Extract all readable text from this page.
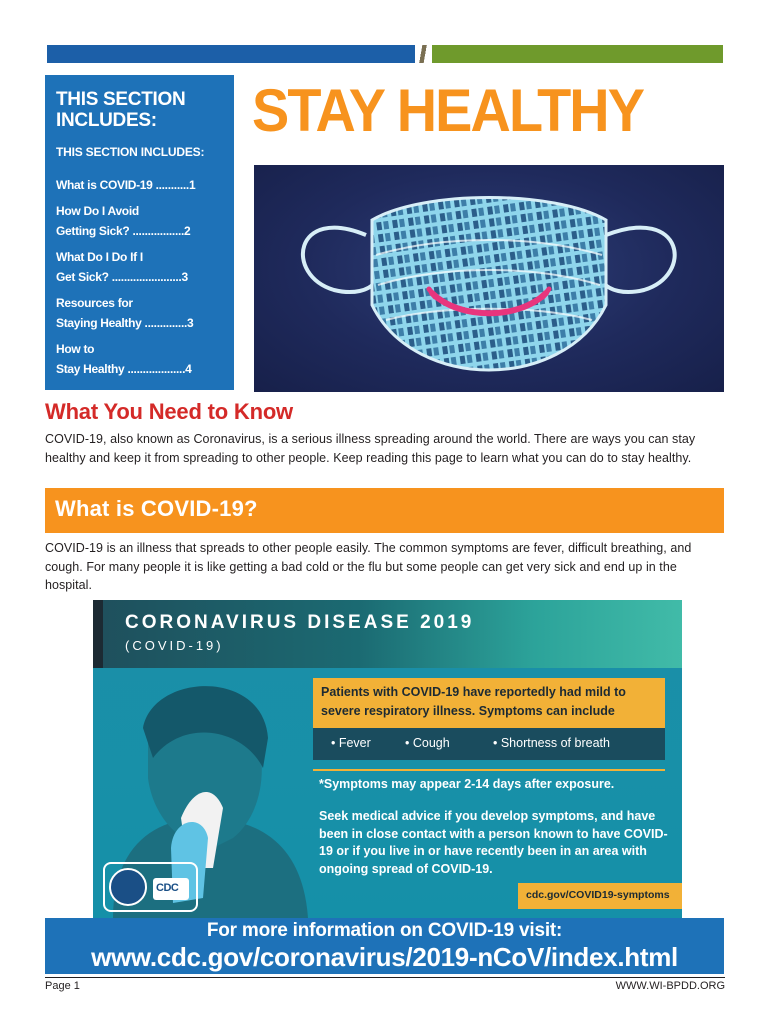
THIS SECTION INCLUDES:
THIS SECTION INCLUDES:
What is COVID-19 ...........1
How Do I Avoid
Getting Sick? .................2
What Do I Do If I
Get Sick? .......................3
Resources for
Staying Healthy ..............3
How to
Stay Healthy ...................4
STAY HEALTHY
What You Need to Know
COVID-19, also known as Coronavirus, is a serious illness spreading around the world. There are ways you can stay healthy and keep it from spreading to other people. Keep reading this page to learn what you can do to stay healthy.
What is COVID-19?
COVID-19 is an illness that spreads to other people easily. The common symptoms are fever, difficult breathing, and cough. For many people it is like getting a bad cold or the flu but some people can get very sick and end up in the hospital.
CORONAVIRUS DISEASE 2019
(COVID-19)
CDC
Patients with COVID-19 have reportedly had mild to severe respiratory illness. Symptoms can include
• Fever	• Cough	• Shortness of breath
*Symptoms may appear 2-14 days after exposure.
Seek medical advice if you develop symptoms, and have been in close contact with a person known to have COVID-19 or if you live in or have recently been in an area with ongoing spread of COVID-19.
cdc.gov/COVID19-symptoms
For more information on COVID-19 visit:
www.cdc.gov/coronavirus/2019-nCoV/index.html
Page 1	WWW.WI-BPDD.ORG
